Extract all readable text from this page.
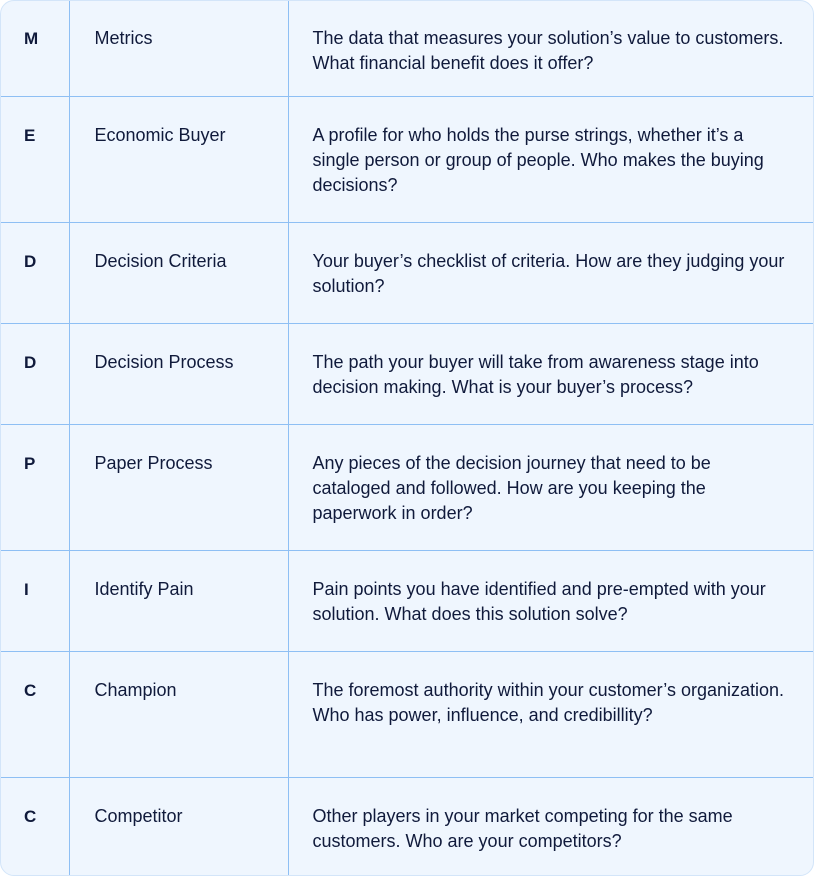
M	Metrics	The data that measures your solution’s value to customers. What financial benefit does it offer?

E	Economic Buyer	A profile for who holds the purse strings, whether it’s a single person or group of people. Who makes the buying decisions?

D	Decision Criteria	Your buyer’s checklist of criteria. How are they judging your solution?

D	Decision Process	The path your buyer will take from awareness stage into decision making. What is your buyer’s process?

P	Paper Process	Any pieces of the decision journey that need to be cataloged and followed. How are you keeping the paperwork in order?

I	Identify Pain	Pain points you have identified and pre-empted with your solution. What does this solution solve?

C	Champion	The foremost authority within your customer’s organization. Who has power, influence, and credibillity?

C	Competitor	Other players in your market competing for the same customers. Who are your competitors?
